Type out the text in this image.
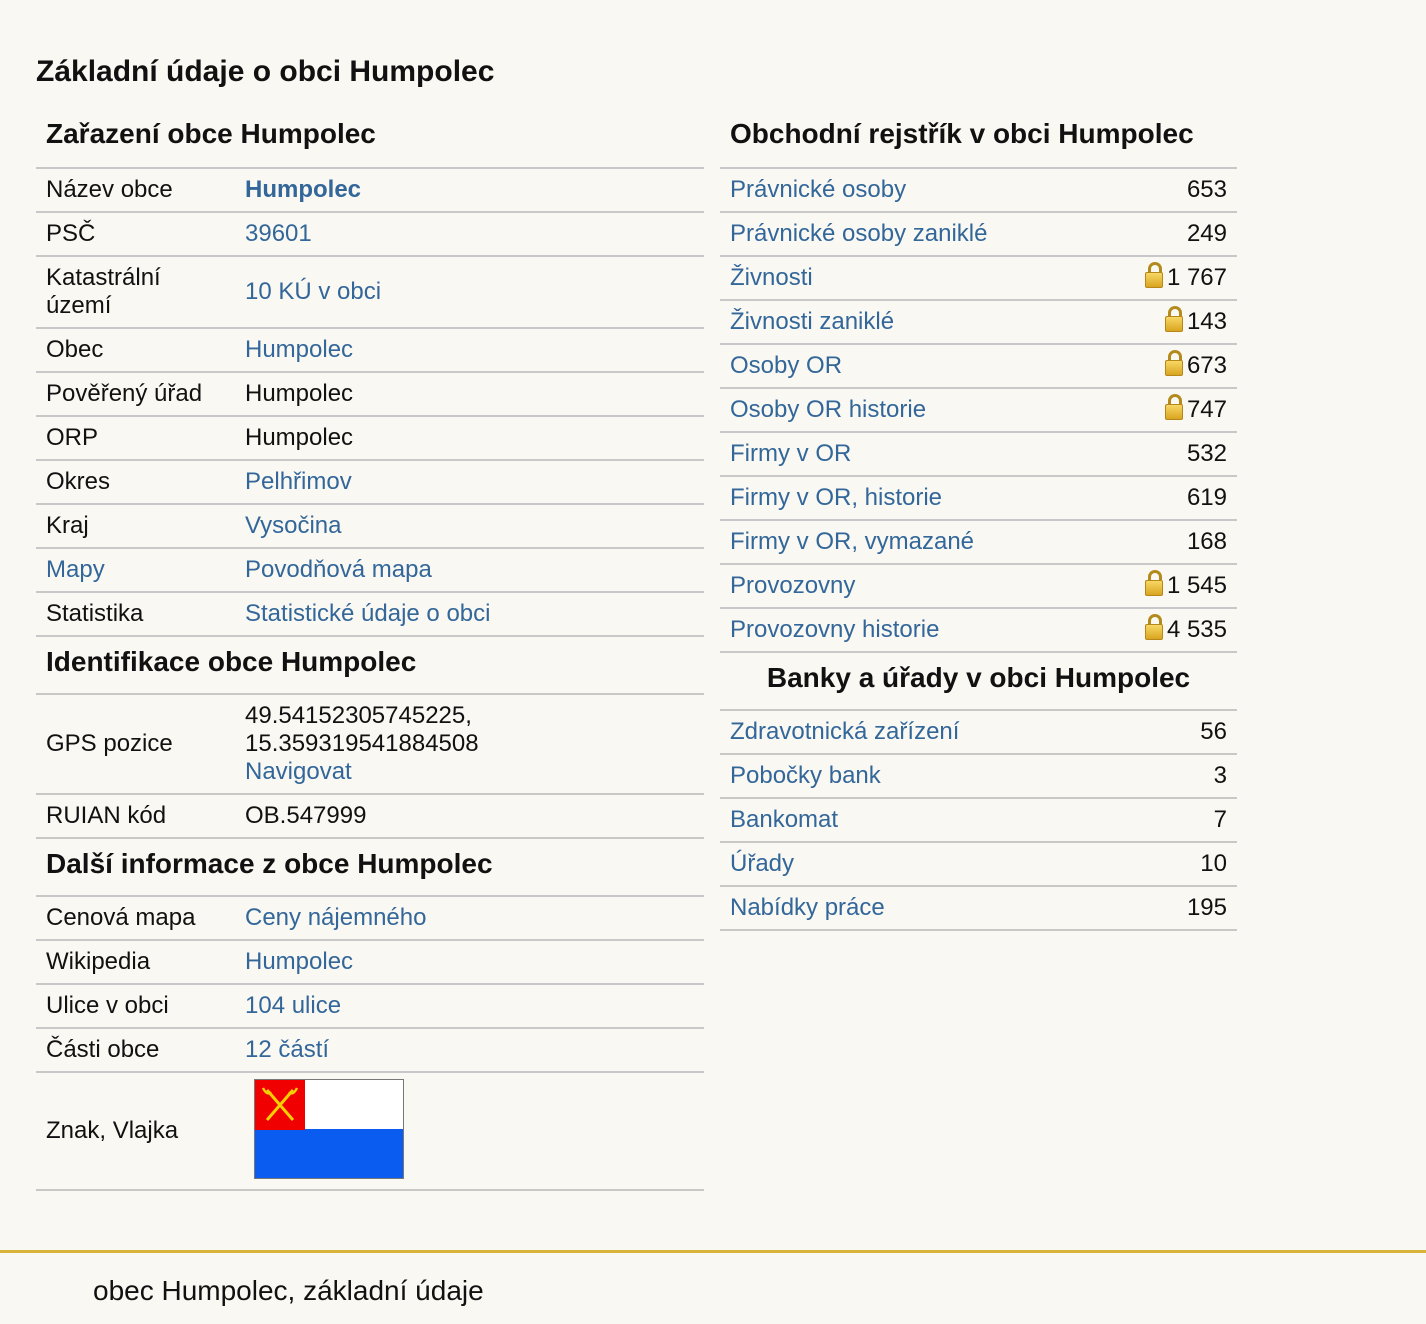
Základní údaje o obci Humpolec
Zařazení obce Humpolec
Název obce	Humpolec
PSČ	39601
Katastrální území	10 KÚ v obci
Obec	Humpolec
Pověřený úřad	Humpolec
ORP	Humpolec
Okres	Pelhřimov
Kraj	Vysočina
Mapy	Povodňová mapa
Statistika	Statistické údaje o obci
Identifikace obce Humpolec
GPS pozice	49.54152305745225,
15.359319541884508
Navigovat
RUIAN kód	OB.547999
Další informace z obce Humpolec
Cenová mapa	Ceny nájemného
Wikipedia	Humpolec
Ulice v obci	104 ulice
Části obce	12 částí
Znak, Vlajka	
Obchodní rejstřík v obci Humpolec
Právnické osoby	653
Právnické osoby zaniklé	249
Živnosti	1 767
Živnosti zaniklé	143
Osoby OR	673
Osoby OR historie	747
Firmy v OR	532
Firmy v OR, historie	619
Firmy v OR, vymazané	168
Provozovny	1 545
Provozovny historie	4 535
Banky a úřady v obci Humpolec
Zdravotnická zařízení	56
Pobočky bank	3
Bankomat	7
Úřady	10
Nabídky práce	195
obec Humpolec, základní údaje
